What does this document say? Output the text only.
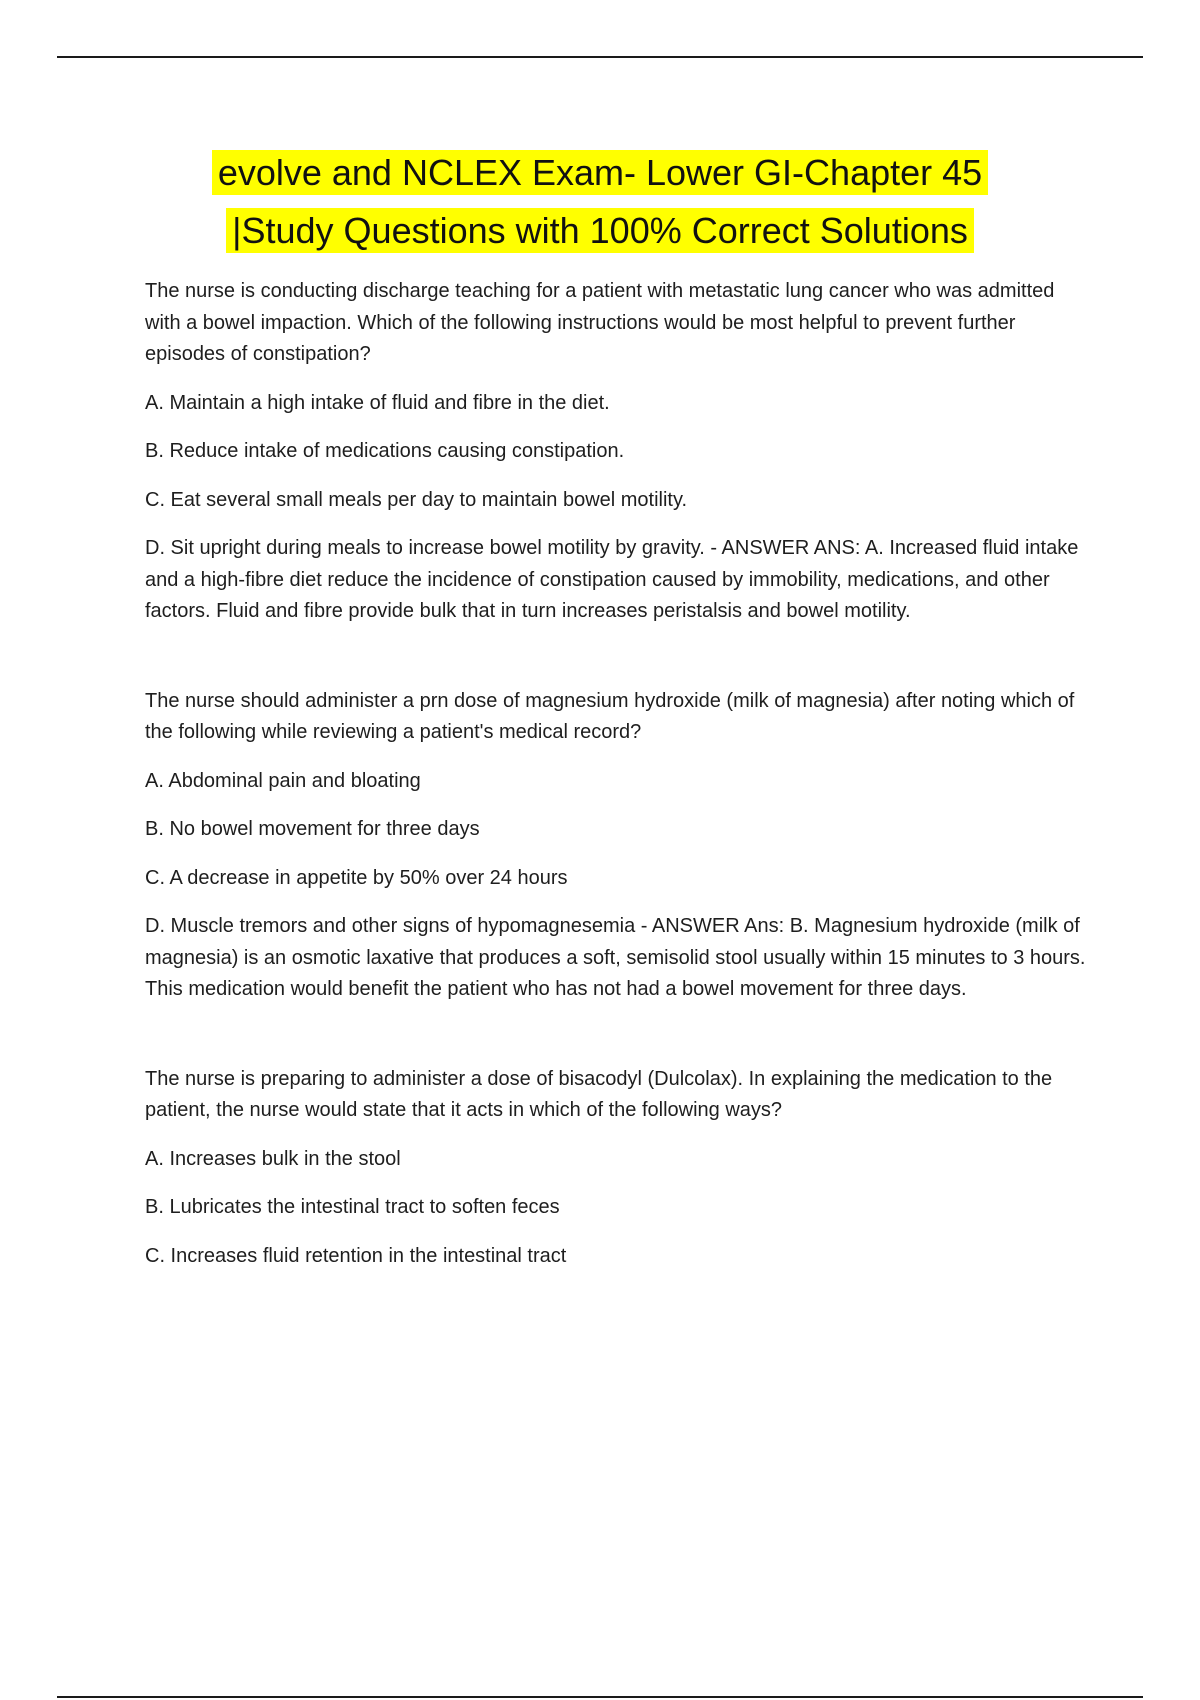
evolve and NCLEX Exam- Lower GI-Chapter 45
|Study Questions with 100% Correct Solutions

The nurse is conducting discharge teaching for a patient with metastatic lung cancer who was admitted with a bowel impaction. Which of the following instructions would be most helpful to prevent further episodes of constipation?

A. Maintain a high intake of fluid and fibre in the diet.

B. Reduce intake of medications causing constipation.

C. Eat several small meals per day to maintain bowel motility.

D. Sit upright during meals to increase bowel motility by gravity. - ANSWER ANS: A. Increased fluid intake and a high-fibre diet reduce the incidence of constipation caused by immobility, medications, and other factors. Fluid and fibre provide bulk that in turn increases peristalsis and bowel motility.

The nurse should administer a prn dose of magnesium hydroxide (milk of magnesia) after noting which of the following while reviewing a patient's medical record?

A. Abdominal pain and bloating

B. No bowel movement for three days

C. A decrease in appetite by 50% over 24 hours

D. Muscle tremors and other signs of hypomagnesemia - ANSWER Ans: B. Magnesium hydroxide (milk of magnesia) is an osmotic laxative that produces a soft, semisolid stool usually within 15 minutes to 3 hours. This medication would benefit the patient who has not had a bowel movement for three days.

The nurse is preparing to administer a dose of bisacodyl (Dulcolax). In explaining the medication to the patient, the nurse would state that it acts in which of the following ways?

A. Increases bulk in the stool

B. Lubricates the intestinal tract to soften feces

C. Increases fluid retention in the intestinal tract
